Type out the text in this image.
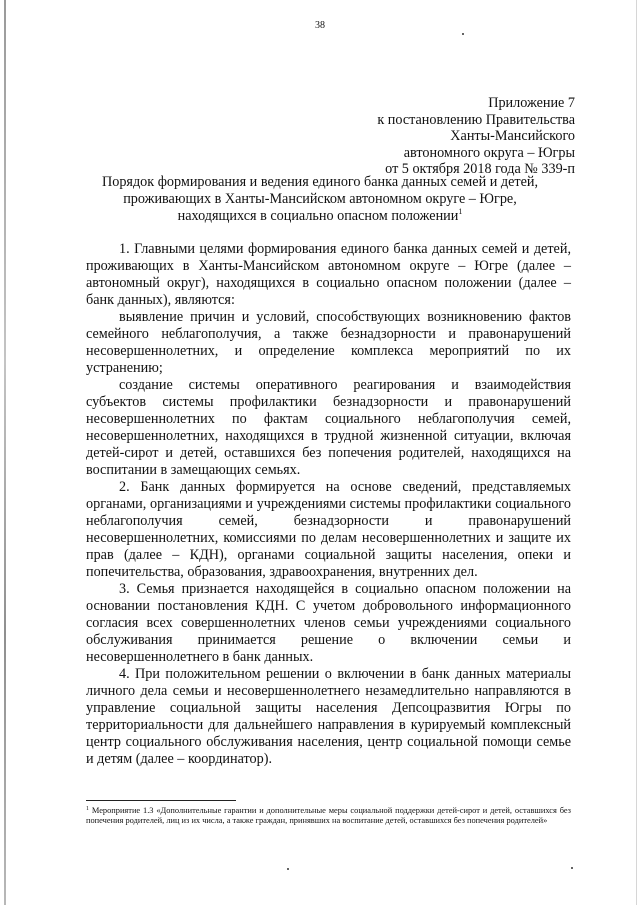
38
Приложение 7
к постановлению Правительства
Ханты-Мансийского
автономного округа – Югры
от 5 октября 2018 года № 339-п
Порядок формирования и ведения единого банка данных семей и детей,
проживающих в Ханты-Мансийском автономном округе – Югре,
находящихся в социально опасном положении$^1$

1. Главными целями формирования единого банка данных семей и детей, проживающих в Ханты-Мансийском автономном округе – Югре (далее – автономный округ), находящихся в социально опасном положении (далее – банк данных), являются:

выявление причин и условий, способствующих возникновению фактов семейного неблагополучия, а также безнадзорности и правонарушений несовершеннолетних, и определение комплекса мероприятий по их устранению;

создание системы оперативного реагирования и взаимодействия субъектов системы профилактики безнадзорности и правонарушений несовершеннолетних по фактам социального неблагополучия семей, несовершеннолетних, находящихся в трудной жизненной ситуации, включая детей-сирот и детей, оставшихся без попечения родителей, находящихся на воспитании в замещающих семьях.

2. Банк данных формируется на основе сведений, представляемых органами, организациями и учреждениями системы профилактики социального неблагополучия семей, безнадзорности и правонарушений несовершеннолетних, комиссиями по делам несовершеннолетних и защите их прав (далее – КДН), органами социальной защиты населения, опеки и попечительства, образования, здравоохранения, внутренних дел.

3. Семья признается находящейся в социально опасном положении на основании постановления КДН. С учетом добровольного информационного согласия всех совершеннолетних членов семьи учреждениями социального обслуживания принимается решение о включении семьи и несовершеннолетнего в банк данных.

4. При положительном решении о включении в банк данных материалы личного дела семьи и несовершеннолетнего незамедлительно направляются в управление социальной защиты населения Депсоцразвития Югры по территориальности для дальнейшего направления в курируемый комплексный центр социального обслуживания населения, центр социальной помощи семье и детям (далее – координатор).

$^1$ Мероприятие 1.3 «Дополнительные гарантии и дополнительные меры социальной поддержки детей-сирот и детей, оставшихся без попечения родителей, лиц из их числа, а также граждан, принявших на воспитание детей, оставшихся без попечения родителей»
